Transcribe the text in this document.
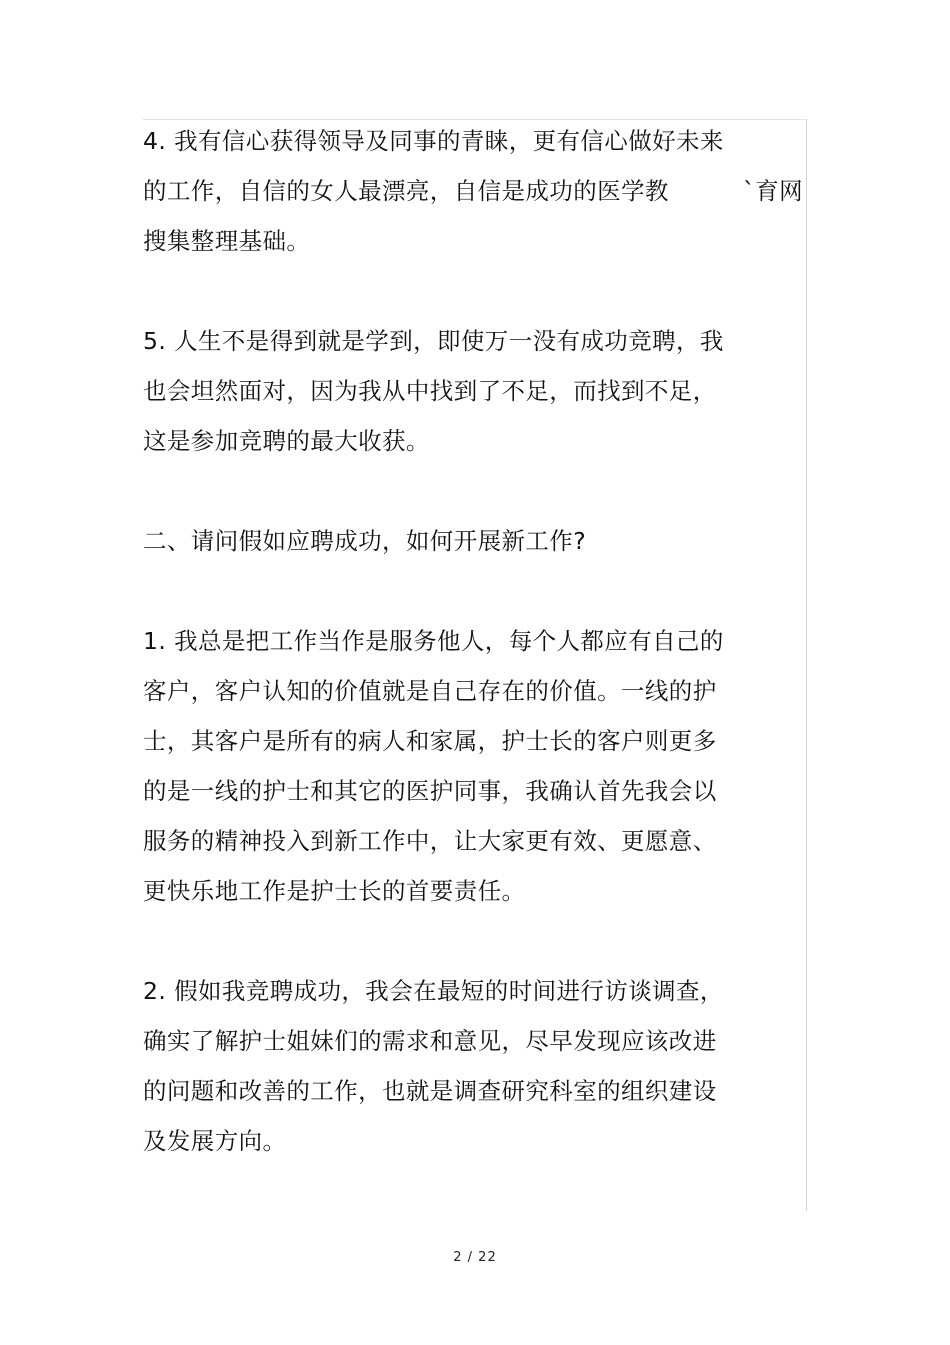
4. 我有信心获得领导及同事的青睐，更有信心做好未来
的工作，自信的女人最漂亮，自信是成功的医学教	`育网
搜集整理基础。
5. 人生不是得到就是学到，即使万一没有成功竞聘，我
也会坦然面对，因为我从中找到了不足，而找到不足，
这是参加竞聘的最大收获。
二、请问假如应聘成功，如何开展新工作?
1. 我总是把工作当作是服务他人，每个人都应有自己的
客户，客户认知的价值就是自己存在的价值。一线的护
士，其客户是所有的病人和家属，护士长的客户则更多
的是一线的护士和其它的医护同事，我确认首先我会以
服务的精神投入到新工作中，让大家更有效、更愿意、
更快乐地工作是护士长的首要责任。
2. 假如我竞聘成功，我会在最短的时间进行访谈调查，
确实了解护士姐妹们的需求和意见，尽早发现应该改进
的问题和改善的工作，也就是调查研究科室的组织建设
及发展方向。
2 / 22
